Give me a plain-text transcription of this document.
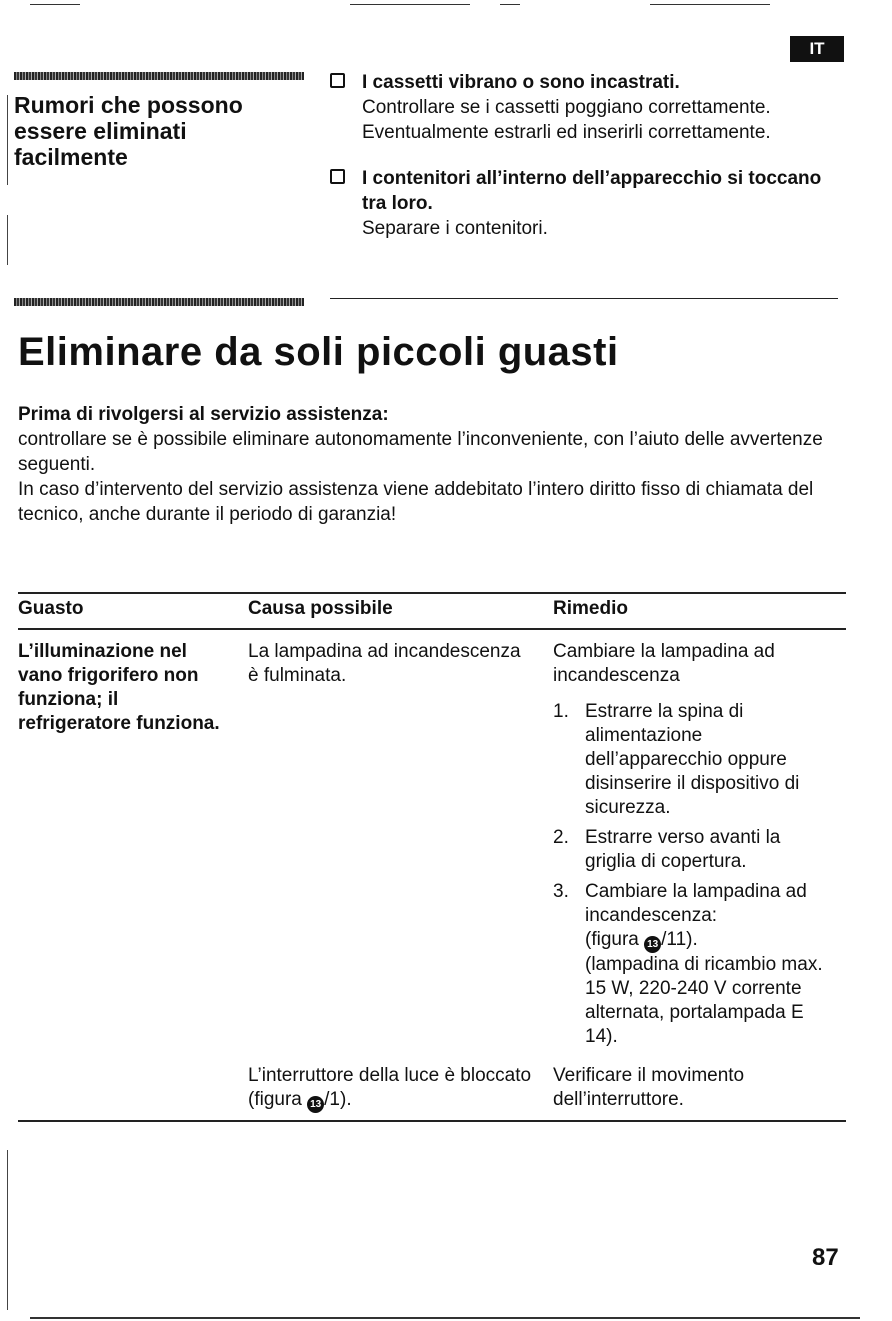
IT
Rumori che possono essere eliminati facilmente
I cassetti vibrano o sono incastrati.
Controllare se i cassetti poggiano correttamente. Eventualmente estrarli ed inserirli correttamente.
I contenitori all’interno dell’apparecchio si toccano tra loro.
Separare i contenitori.
Eliminare da soli piccoli guasti
Prima di rivolgersi al servizio assistenza:
controllare se è possibile eliminare autonomamente l’inconveniente, con l’aiuto delle avvertenze seguenti.
In caso d’intervento del servizio assistenza viene addebitato l’intero diritto fisso di chiamata del tecnico, anche durante il periodo di garanzia!
Guasto	Causa possibile	Rimedio
L’illuminazione nel vano frigorifero non funziona; il refrigeratore funziona.
La lampadina ad incandescenza è fulminata.
Cambiare la lampadina ad incandescenza
1. Estrarre la spina di alimentazione dell’apparecchio oppure disinserire il dispositivo di sicurezza.
2. Estrarre verso avanti la griglia di copertura.
3. Cambiare la lampadina ad incandescenza:
(figura 13 /11).
(lampadina di ricambio max. 15 W, 220-240 V corrente alternata, portalampada E 14).
L’interruttore della luce è bloccato (figura 13 /1).
Verificare il movimento dell’interruttore.
87
